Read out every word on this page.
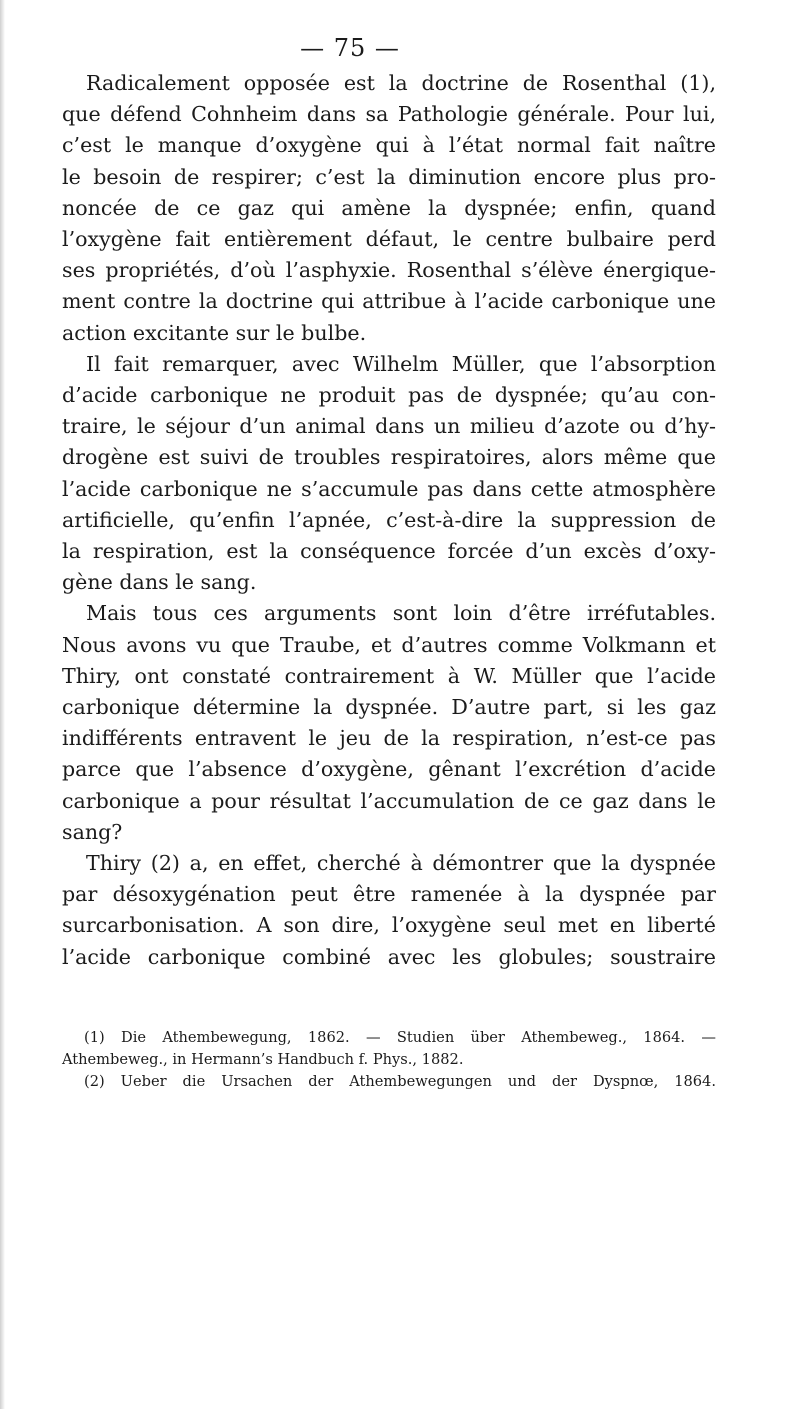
— 75 —
Radicalement opposée est la doctrine de Rosenthal (1),
que défend Cohnheim dans sa Pathologie générale. Pour lui,
c’est le manque d’oxygène qui à l’état normal fait naître
le besoin de respirer; c’est la diminution encore plus pro-
noncée de ce gaz qui amène la dyspnée; enfin, quand
l’oxygène fait entièrement défaut, le centre bulbaire perd
ses propriétés, d’où l’asphyxie. Rosenthal s’élève énergique-
ment contre la doctrine qui attribue à l’acide carbonique une
action excitante sur le bulbe.
Il fait remarquer, avec Wilhelm Müller, que l’absorption
d’acide carbonique ne produit pas de dyspnée; qu’au con-
traire, le séjour d’un animal dans un milieu d’azote ou d’hy-
drogène est suivi de troubles respiratoires, alors même que
l’acide carbonique ne s’accumule pas dans cette atmosphère
artificielle, qu’enfin l’apnée, c’est-à-dire la suppression de
la respiration, est la conséquence forcée d’un excès d’oxy-
gène dans le sang.
Mais tous ces arguments sont loin d’être irréfutables.
Nous avons vu que Traube, et d’autres comme Volkmann et
Thiry, ont constaté contrairement à W. Müller que l’acide
carbonique détermine la dyspnée. D’autre part, si les gaz
indifférents entravent le jeu de la respiration, n’est-ce pas
parce que l’absence d’oxygène, gênant l’excrétion d’acide
carbonique a pour résultat l’accumulation de ce gaz dans le
sang?
Thiry (2) a, en effet, cherché à démontrer que la dyspnée
par désoxygénation peut être ramenée à la dyspnée par
surcarbonisation. A son dire, l’oxygène seul met en liberté
l’acide carbonique combiné avec les globules; soustraire
(1) Die Athembewegung, 1862. — Studien über Athembeweg., 1864. —
Athembeweg., in Hermann’s Handbuch f. Phys., 1882.
(2) Ueber die Ursachen der Athembewegungen und der Dyspnœ, 1864.
